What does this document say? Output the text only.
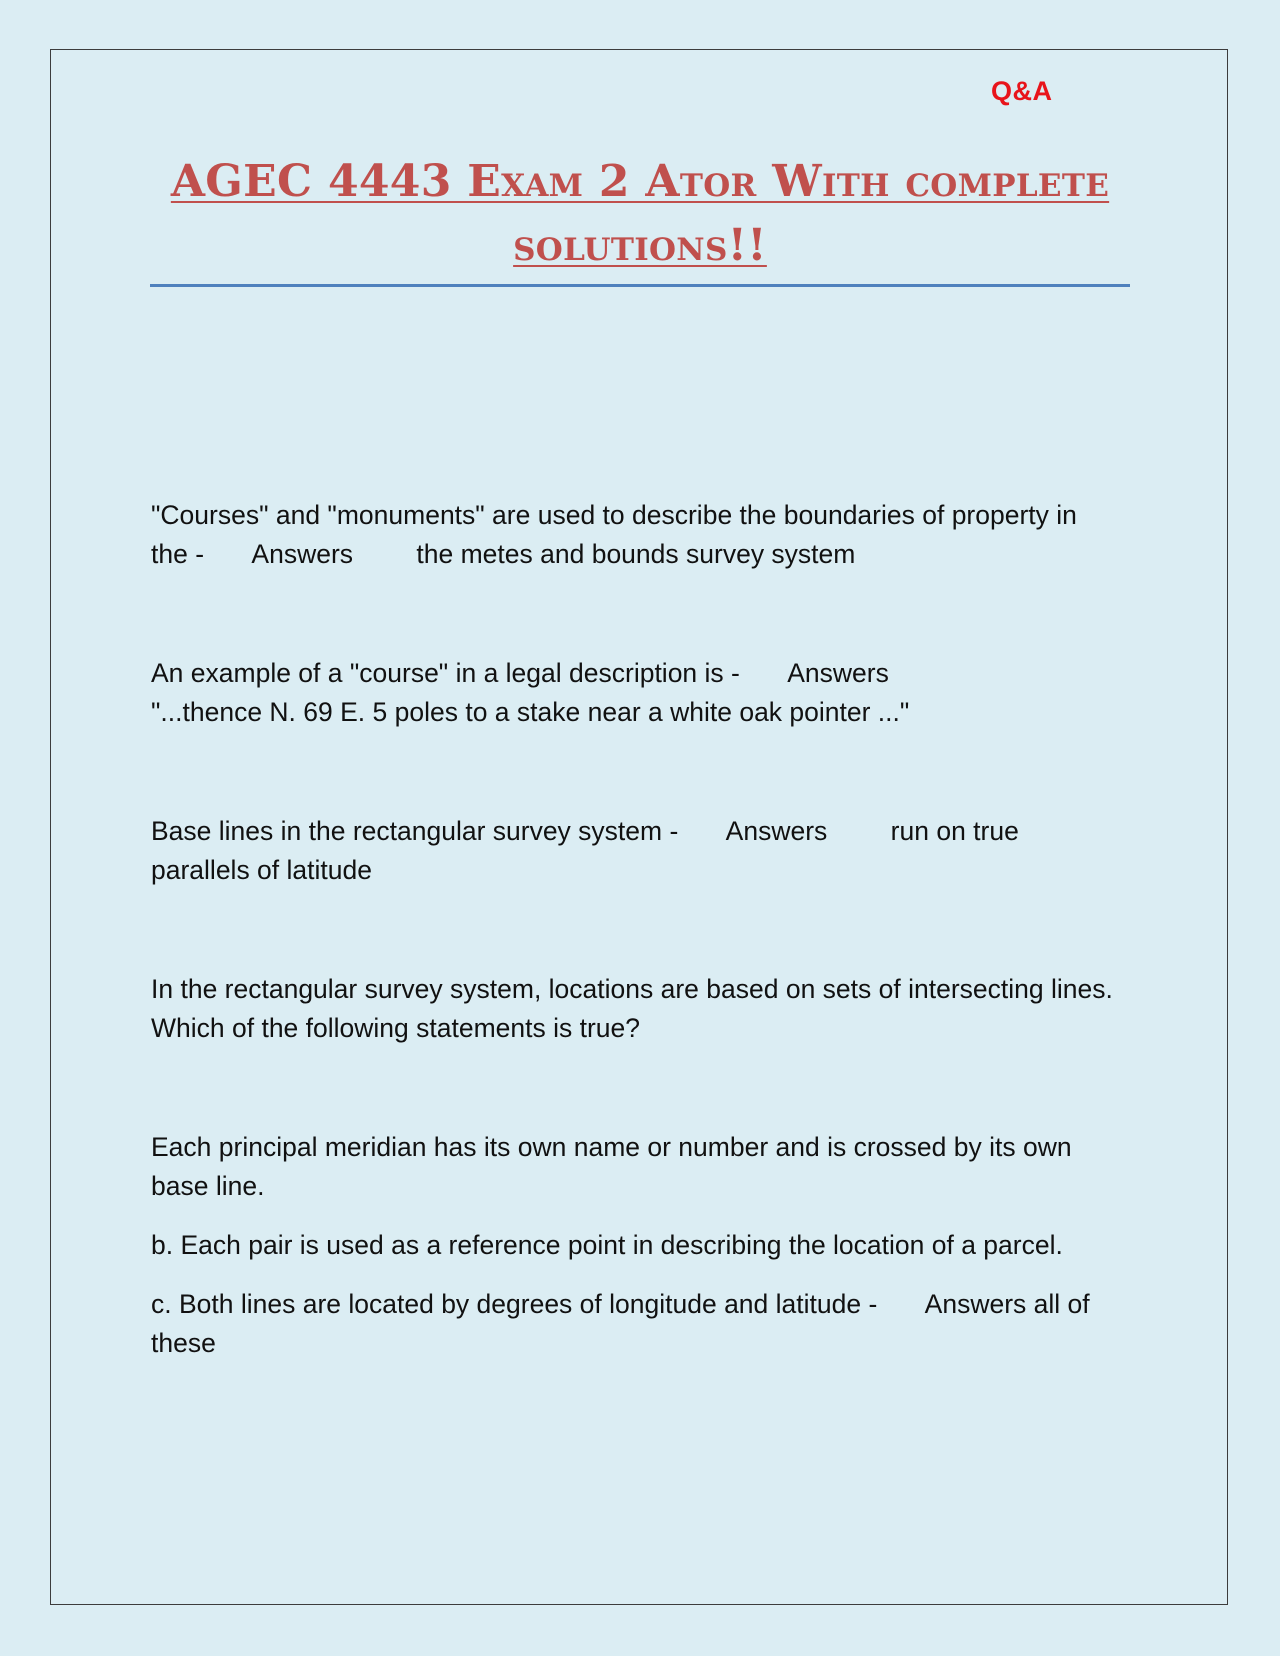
Q&A
AGEC 4443 Exam 2 Ator With complete solutions!!

"Courses" and "monuments" are used to describe the boundaries of property in the - Answers the metes and bounds survey system

An example of a "course" in a legal description is - Answers
"...thence N. 69 E. 5 poles to a stake near a white oak pointer ..."

Base lines in the rectangular survey system - Answers run on true parallels of latitude

In the rectangular survey system, locations are based on sets of intersecting lines. Which of the following statements is true?

Each principal meridian has its own name or number and is crossed by its own base line.

b. Each pair is used as a reference point in describing the location of a parcel.

c. Both lines are located by degrees of longitude and latitude - Answers all of these
